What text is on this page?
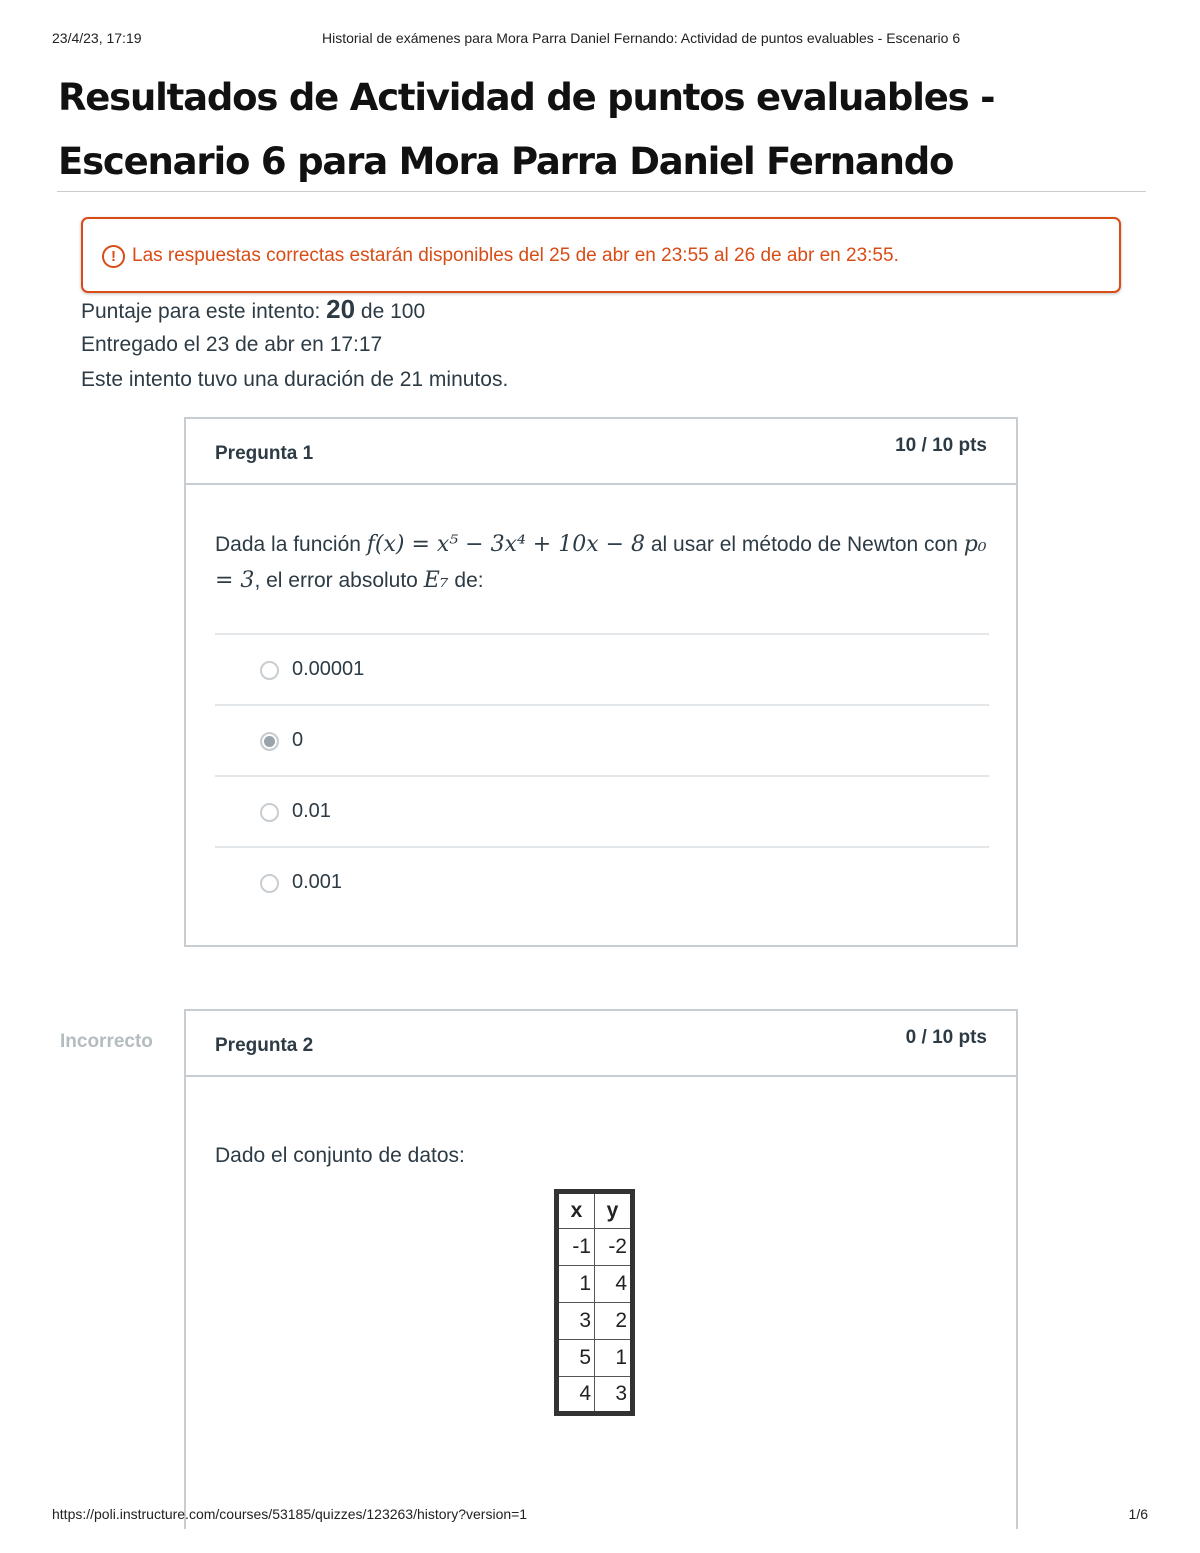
23/4/23, 17:19	Historial de exámenes para Mora Parra Daniel Fernando: Actividad de puntos evaluables - Escenario 6
Resultados de Actividad de puntos evaluables -
Escenario 6 para Mora Parra Daniel Fernando
! Las respuestas correctas estarán disponibles del 25 de abr en 23:55 al 26 de abr en 23:55.
Puntaje para este intento: 20 de 100
Entregado el 23 de abr en 17:17
Este intento tuvo una duración de 21 minutos.
Pregunta 1	10 / 10 pts
Dada la función f(x) = x⁵ − 3x⁴ + 10x − 8 al usar el método de Newton con p₀ = 3, el error absoluto E₇ de:
0.00001
0
0.01
0.001
Incorrecto	Pregunta 2	0 / 10 pts
Dado el conjunto de datos:
x	y
-1	-2
1	4
3	2
5	1
4	3
https://poli.instructure.com/courses/53185/quizzes/123263/history?version=1	1/6
